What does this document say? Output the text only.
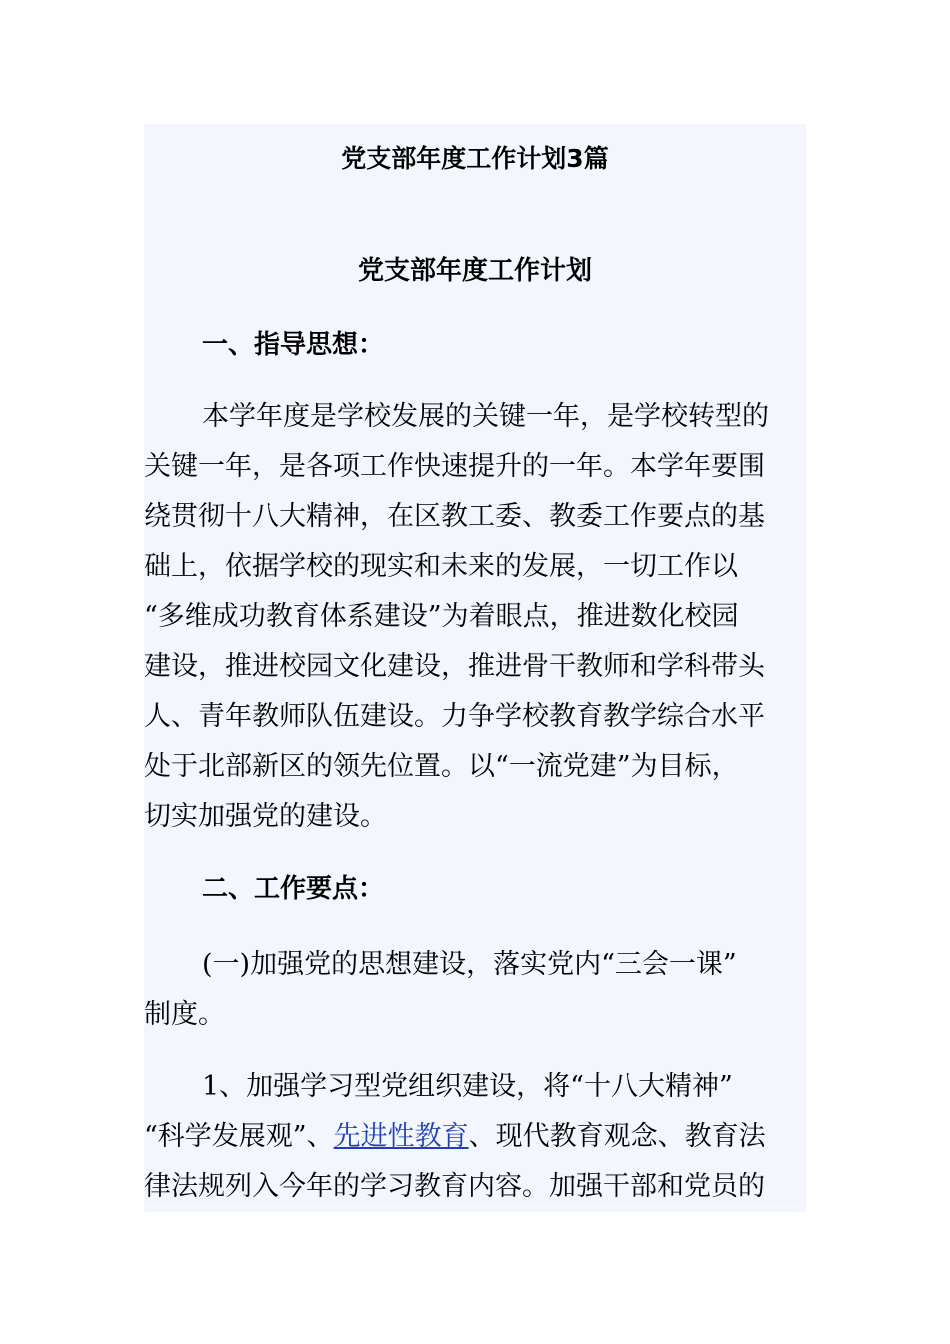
党支部年度工作计划3篇
党支部年度工作计划
一、指导思想：

本学年度是学校发展的关键一年，是学校转型的
关键一年，是各项工作快速提升的一年。本学年要围
绕贯彻十八大精神，在区教工委、教委工作要点的基
础上，依据学校的现实和未来的发展，一切工作以
“多维成功教育体系建设”为着眼点，推进数化校园
建设，推进校园文化建设，推进骨干教师和学科带头
人、青年教师队伍建设。力争学校教育教学综合水平
处于北部新区的领先位置。以“一流党建”为目标，
切实加强党的建设。

二、工作要点：

(一)加强党的思想建设，落实党内“三会一课”
制度。

1、加强学习型党组织建设，将“十八大精神”
“科学发展观”、先进性教育、现代教育观念、教育法
律法规列入今年的学习教育内容。加强干部和党员的
